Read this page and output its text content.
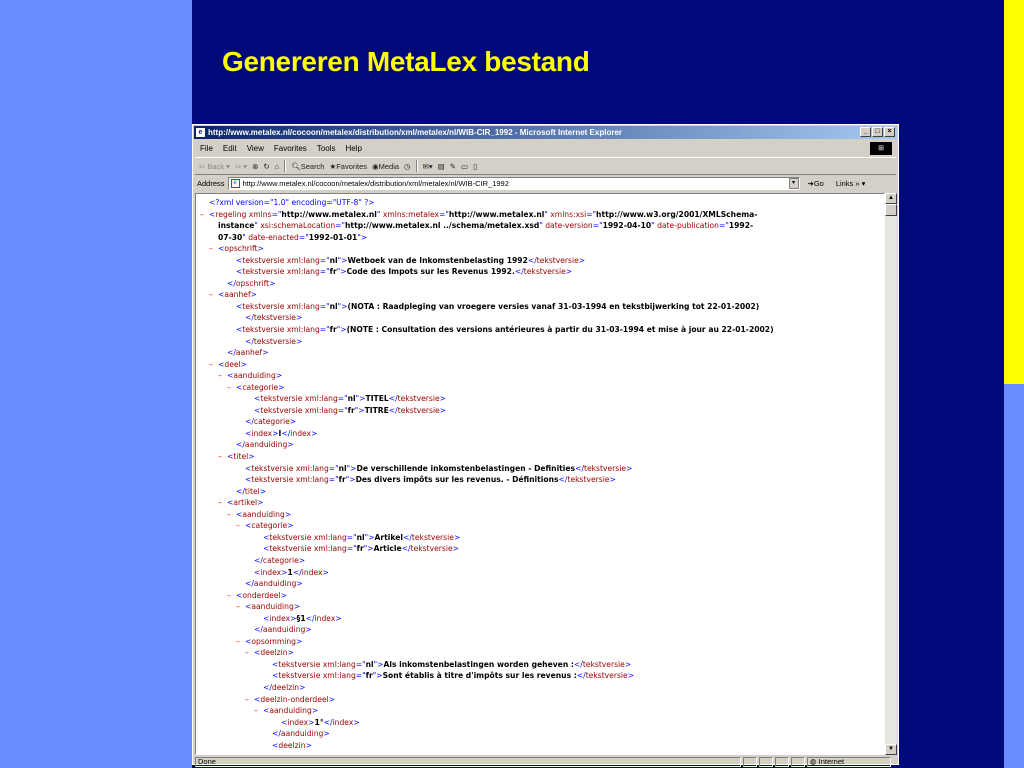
Genereren MetaLex bestand
e http://www.metalex.nl/cocoon/metalex/distribution/xml/metalex/nl/WIB-CIR_1992 - Microsoft Internet Explorer	_	□	×
File	Edit	View	Favorites	Tools	Help	⊞
⇦ Back ▾ ⇨ ▾ ⊗ ↻ ⌂ 🔍︎Search ★Favorites ◉Media ◷ ✉▾ ▤ ✎ ▭ ▯
Address	e http://www.metalex.nl/cocoon/metalex/distribution/xml/metalex/nl/WIB-CIR_1992	▾	➜Go Links » ▾
<?xml version="1.0" encoding="UTF-8" ?>
– <regeling xmlns="http://www.metalex.nl" xmlns:metalex="http://www.metalex.nl" xmlns:xsi="http://www.w3.org/2001/XMLSchema-
instance" xsi:schemaLocation="http://www.metalex.nl ../schema/metalex.xsd" date-version="1992-04-10" date-publication="1992-
07-30" date-enacted="1992-01-01">
– <opschrift>
<tekstversie xml:lang="nl">Wetboek van de Inkomstenbelasting 1992</tekstversie>
<tekstversie xml:lang="fr">Code des Impots sur les Revenus 1992.</tekstversie>
</opschrift>
– <aanhef>
<tekstversie xml:lang="nl">(NOTA : Raadpleging van vroegere versies vanaf 31-03-1994 en tekstbijwerking tot 22-01-2002)
</tekstversie>
<tekstversie xml:lang="fr">(NOTE : Consultation des versions antérieures à partir du 31-03-1994 et mise à jour au 22-01-2002)
</tekstversie>
</aanhef>
– <deel>
– <aanduiding>
– <categorie>
<tekstversie xml:lang="nl">TITEL</tekstversie>
<tekstversie xml:lang="fr">TITRE</tekstversie>
</categorie>
<index>I</index>
</aanduiding>
– <titel>
<tekstversie xml:lang="nl">De verschillende inkomstenbelastingen - Definities</tekstversie>
<tekstversie xml:lang="fr">Des divers impôts sur les revenus. - Définitions</tekstversie>
</titel>
– <artikel>
– <aanduiding>
– <categorie>
<tekstversie xml:lang="nl">Artikel</tekstversie>
<tekstversie xml:lang="fr">Article</tekstversie>
</categorie>
<index>1</index>
</aanduiding>
– <onderdeel>
– <aanduiding>
<index>§1</index>
</aanduiding>
– <opsomming>
– <deelzin>
<tekstversie xml:lang="nl">Als inkomstenbelastingen worden geheven :</tekstversie>
<tekstversie xml:lang="fr">Sont établis à titre d'impôts sur les revenus :</tekstversie>
</deelzin>
– <deelzin-onderdeel>
– <aanduiding>
<index>1°</index>
</aanduiding>
<deelzin>
▲
▼
Done	◍ Internet
